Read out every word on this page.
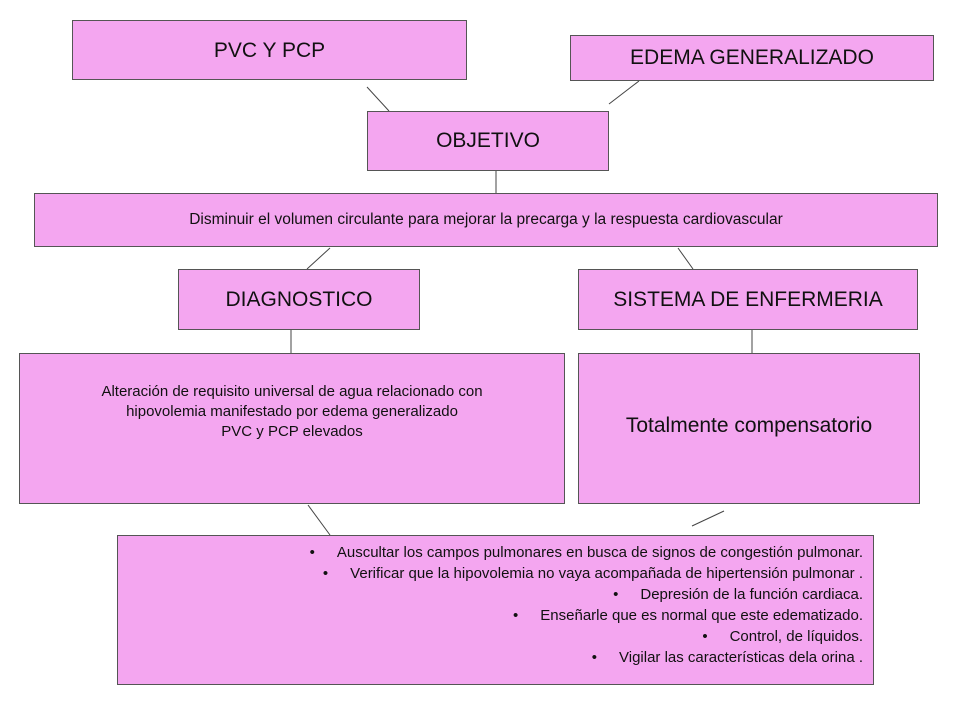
PVC Y PCP	EDEMA GENERALIZADO
OBJETIVO
Disminuir el volumen circulante para mejorar la precarga y la respuesta cardiovascular
DIAGNOSTICO	SISTEMA DE ENFERMERIA
Alteración de requisito universal de agua relacionado con
hipovolemia manifestado por edema generalizado
PVC y PCP elevados	Totalmente compensatorio
• Auscultar los campos pulmonares en busca de signos de congestión pulmonar.
• Verificar que la hipovolemia no vaya acompañada de hipertensión pulmonar .
• Depresión de la función cardiaca.
• Enseñarle que es normal que este edematizado.
• Control, de líquidos.
• Vigilar las características dela orina .
